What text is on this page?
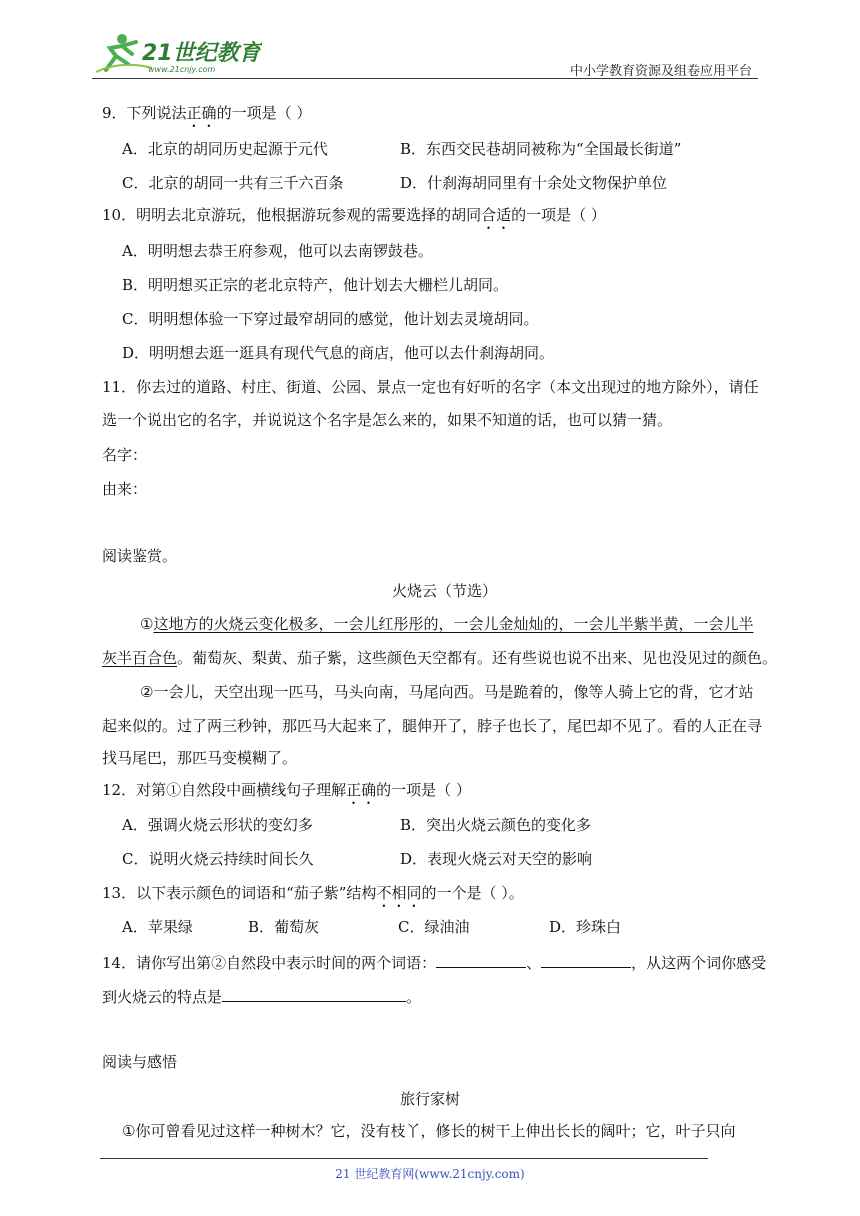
21世纪教育
www.21cnjy.com	中小学教育资源及组卷应用平台
9．下列说法正确的一项是（ ）
A．北京的胡同历史起源于元代	B．东西交民巷胡同被称为“全国最长街道”
C．北京的胡同一共有三千六百条	D．什刹海胡同里有十余处文物保护单位
10．明明去北京游玩，他根据游玩参观的需要选择的胡同合适的一项是（ ）
A．明明想去恭王府参观，他可以去南锣鼓巷。
B．明明想买正宗的老北京特产，他计划去大栅栏儿胡同。
C．明明想体验一下穿过最窄胡同的感觉，他计划去灵境胡同。
D．明明想去逛一逛具有现代气息的商店，他可以去什刹海胡同。
11．你去过的道路、村庄、街道、公园、景点一定也有好听的名字（本文出现过的地方除外），请任
选一个说出它的名字，并说说这个名字是怎么来的，如果不知道的话，也可以猜一猜。
名字：
由来：
阅读鉴赏。
火烧云（节选）
①这地方的火烧云变化极多，一会儿红彤彤的，一会儿金灿灿的，一会儿半紫半黄，一会儿半
灰半百合色。葡萄灰、梨黄、茄子紫，这些颜色天空都有。还有些说也说不出来、见也没见过的颜色。
②一会儿，天空出现一匹马，马头向南，马尾向西。马是跪着的，像等人骑上它的背，它才站
起来似的。过了两三秒钟，那匹马大起来了，腿伸开了，脖子也长了，尾巴却不见了。看的人正在寻
找马尾巴，那匹马变模糊了。
12．对第①自然段中画横线句子理解正确的一项是（ ）
A．强调火烧云形状的变幻多	B．突出火烧云颜色的变化多
C．说明火烧云持续时间长久	D．表现火烧云对天空的影响
13．以下表示颜色的词语和“茄子紫”结构不相同的一个是（ ）。
A．苹果绿	B．葡萄灰	C．绿油油	D．珍珠白
14．请你写出第②自然段中表示时间的两个词语：	、	，从这两个词你感受
到火烧云的特点是	。
阅读与感悟
旅行家树
①你可曾看见过这样一种树木？它，没有枝丫，修长的树干上伸出长长的阔叶；它，叶子只向
21 世纪教育网(www.21cnjy.com)
